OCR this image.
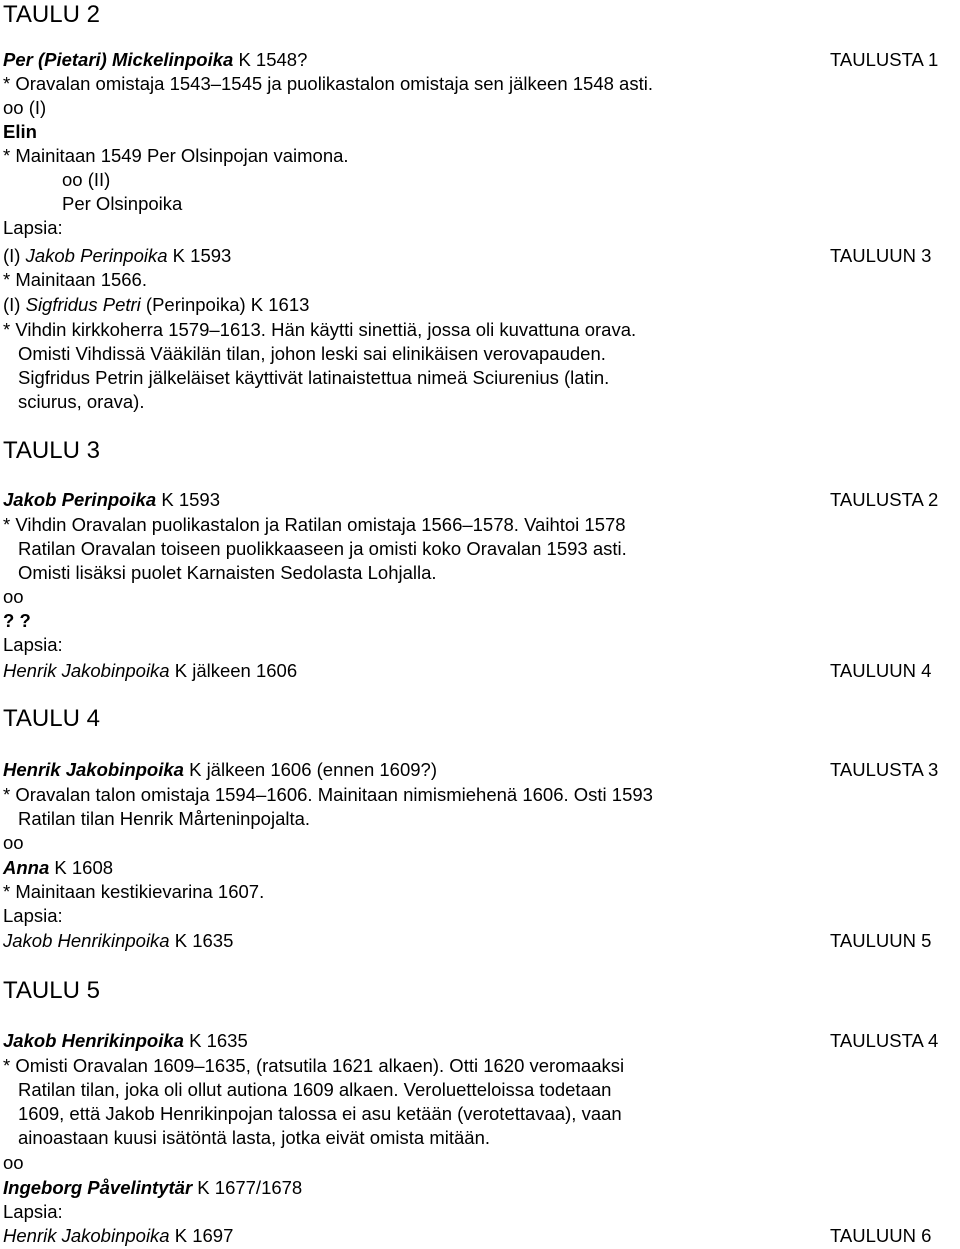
TAULU 2
Per (Pietari) Mickelinpoika K 1548?	TAULUSTA 1
* Oravalan omistaja 1543–1545 ja puolikastalon omistaja sen jälkeen 1548 asti.
oo (I)
Elin
* Mainitaan 1549 Per Olsinpojan vaimona.
oo (II)
Per Olsinpoika
Lapsia:
(I) Jakob Perinpoika K 1593	TAULUUN 3
* Mainitaan 1566.
(I) Sigfridus Petri (Perinpoika) K 1613
* Vihdin kirkkoherra 1579–1613. Hän käytti sinettiä, jossa oli kuvattuna orava.
Omisti Vihdissä Vääkilän tilan, johon leski sai elinikäisen verovapauden.
Sigfridus Petrin jälkeläiset käyttivät latinaistettua nimeä Sciurenius (latin.
sciurus, orava).
TAULU 3
Jakob Perinpoika K 1593	TAULUSTA 2
* Vihdin Oravalan puolikastalon ja Ratilan omistaja 1566–1578. Vaihtoi 1578
Ratilan Oravalan toiseen puolikkaaseen ja omisti koko Oravalan 1593 asti.
Omisti lisäksi puolet Karnaisten Sedolasta Lohjalla.
oo
? ?
Lapsia:
Henrik Jakobinpoika K jälkeen 1606	TAULUUN 4
TAULU 4
Henrik Jakobinpoika K jälkeen 1606 (ennen 1609?)	TAULUSTA 3
* Oravalan talon omistaja 1594–1606. Mainitaan nimismiehenä 1606. Osti 1593
Ratilan tilan Henrik Mårteninpojalta.
oo
Anna K 1608
* Mainitaan kestikievarina 1607.
Lapsia:
Jakob Henrikinpoika K 1635	TAULUUN 5
TAULU 5
Jakob Henrikinpoika K 1635	TAULUSTA 4
* Omisti Oravalan 1609–1635, (ratsutila 1621 alkaen). Otti 1620 veromaaksi
Ratilan tilan, joka oli ollut autiona 1609 alkaen. Veroluetteloissa todetaan
1609, että Jakob Henrikinpojan talossa ei asu ketään (verotettavaa), vaan
ainoastaan kuusi isätöntä lasta, jotka eivät omista mitään.
oo
Ingeborg Påvelintytär K 1677/1678
Lapsia:
Henrik Jakobinpoika K 1697	TAULUUN 6
